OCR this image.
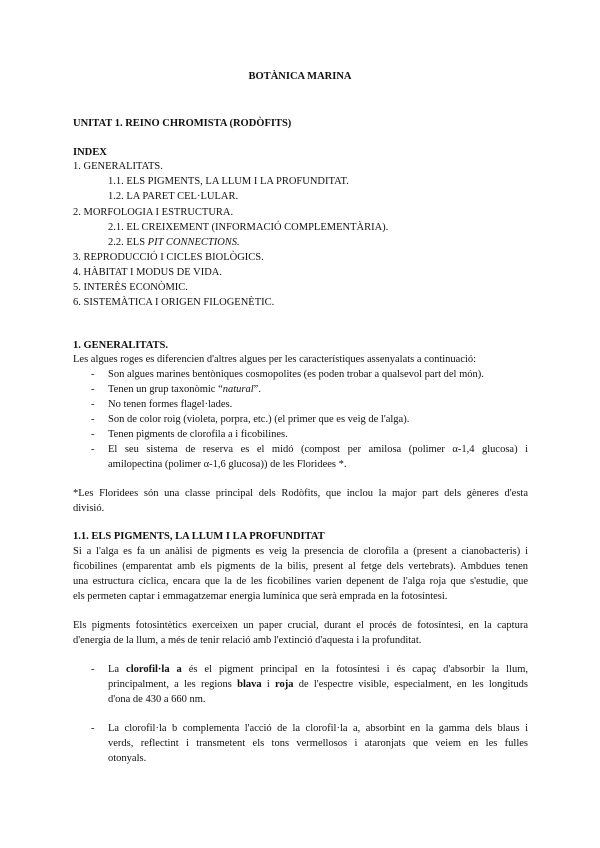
BOTÀNICA MARINA
UNITAT 1. REINO CHROMISTA (RODÒFITS)
INDEX
1. GENERALITATS.
1.1. ELS PIGMENTS, LA LLUM I LA PROFUNDITAT.
1.2. LA PARET CEL·LULAR.
2. MORFOLOGIA I ESTRUCTURA.
2.1. EL CREIXEMENT (INFORMACIÓ COMPLEMENTÀRIA).
2.2. ELS PIT CONNECTIONS.
3. REPRODUCCIÓ I CICLES BIOLÒGICS.
4. HÀBITAT I MODUS DE VIDA.
5. INTERÈS ECONÒMIC.
6. SISTEMÀTICA I ORIGEN FILOGENÈTIC.
1. GENERALITATS.
Les algues roges es diferencien d'altres algues per les característiques assenyalats a continuació:
- Son algues marines bentòniques cosmopolites (es poden trobar a qualsevol part del món).
- Tenen un grup taxonòmic “natural”.
- No tenen formes flagel·lades.
- Son de color roig (violeta, porpra, etc.) (el primer que es veig de l'alga).
- Tenen pigments de clorofila a i ficobilines.
- El seu sistema de reserva es el midó (compost per amilosa (polimer α-1,4 glucosa) i
amilopectina (polimer α-1,6 glucosa)) de les Floridees *.
*Les Floridees són una classe principal dels Rodòfits, que inclou la major part dels gèneres d'esta
divisió.
1.1. ELS PIGMENTS, LA LLUM I LA PROFUNDITAT
Si a l'alga es fa un anàlisi de pigments es veig la presencia de clorofila a (present a cianobacteris) i
ficobilines (emparentat amb els pigments de la bilis, present al fetge dels vertebrats). Ambdues tenen
una estructura cíclica, encara que la de les ficobilines varien depenent de l'alga roja que s'estudie, que
els permeten captar i emmagatzemar energia lumínica que serà emprada en la fotosíntesi.
Els pigments fotosintètics exerceixen un paper crucial, durant el procés de fotosíntesi, en la captura
d'energia de la llum, a més de tenir relació amb l'extinció d'aquesta i la profunditat.
- La clorofil·la a és el pigment principal en la fotosíntesi i és capaç d'absorbir la llum,
principalment, a les regions blava i roja de l'espectre visible, especialment, en les longituds
d'ona de 430 a 660 nm.
- La clorofil·la b complementa l'acció de la clorofil·la a, absorbint en la gamma dels blaus i
verds, reflectint i transmetent els tons vermellosos i ataronjats que veiem en les fulles
otonyals.
